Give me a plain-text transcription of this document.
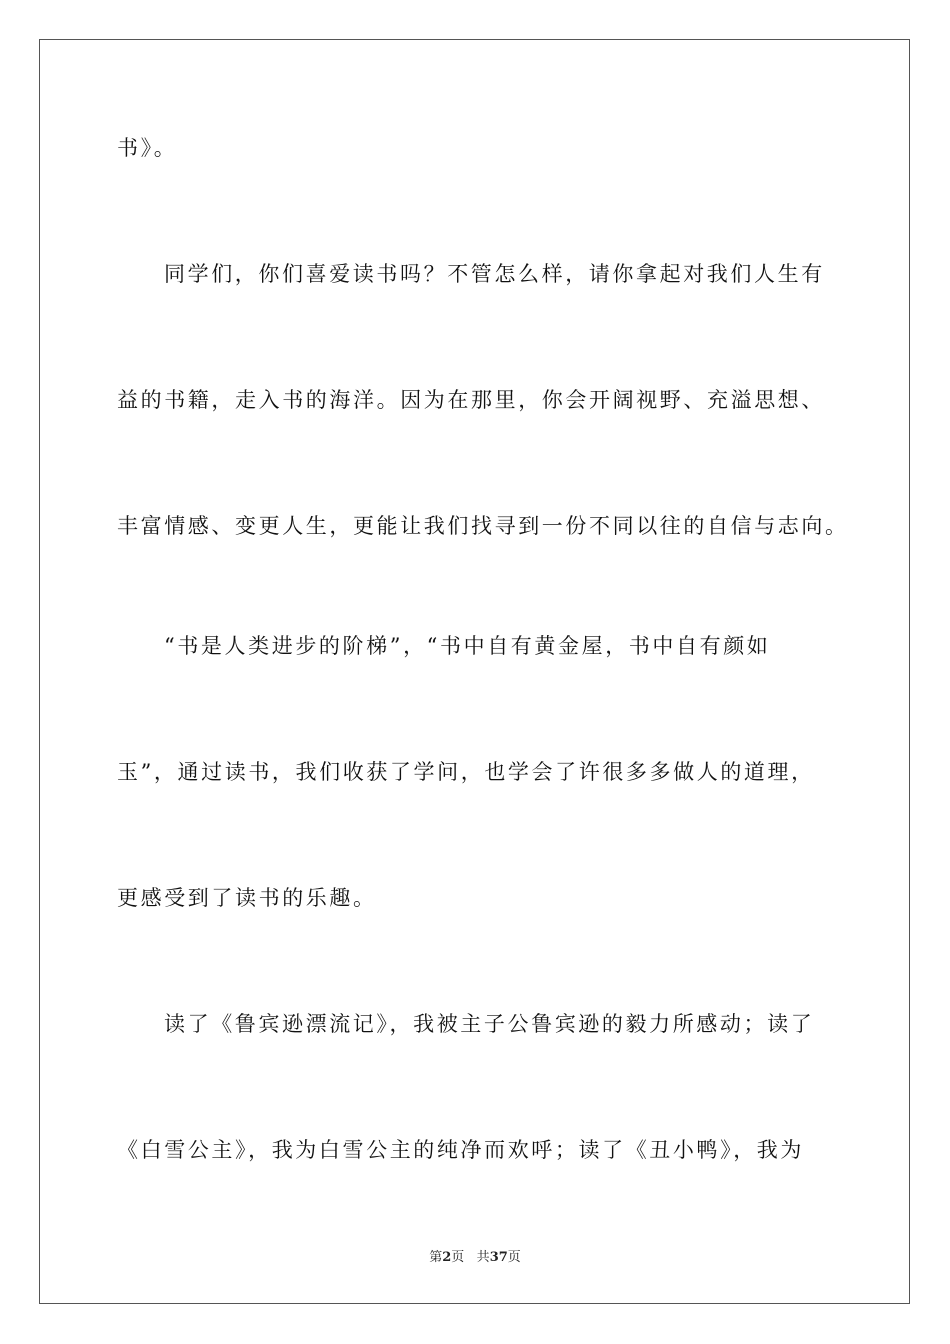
书》。
同学们，你们喜爱读书吗？不管怎么样，请你拿起对我们人生有
益的书籍，走入书的海洋。因为在那里，你会开阔视野、充溢思想、
丰富情感、变更人生，更能让我们找寻到一份不同以往的自信与志向。
“书是人类进步的阶梯”，“书中自有黄金屋，书中自有颜如
玉”，通过读书，我们收获了学问，也学会了许很多多做人的道理，
更感受到了读书的乐趣。
读了《鲁宾逊漂流记》，我被主子公鲁宾逊的毅力所感动；读了
《白雪公主》，我为白雪公主的纯净而欢呼；读了《丑小鸭》，我为
第2页 共37页
